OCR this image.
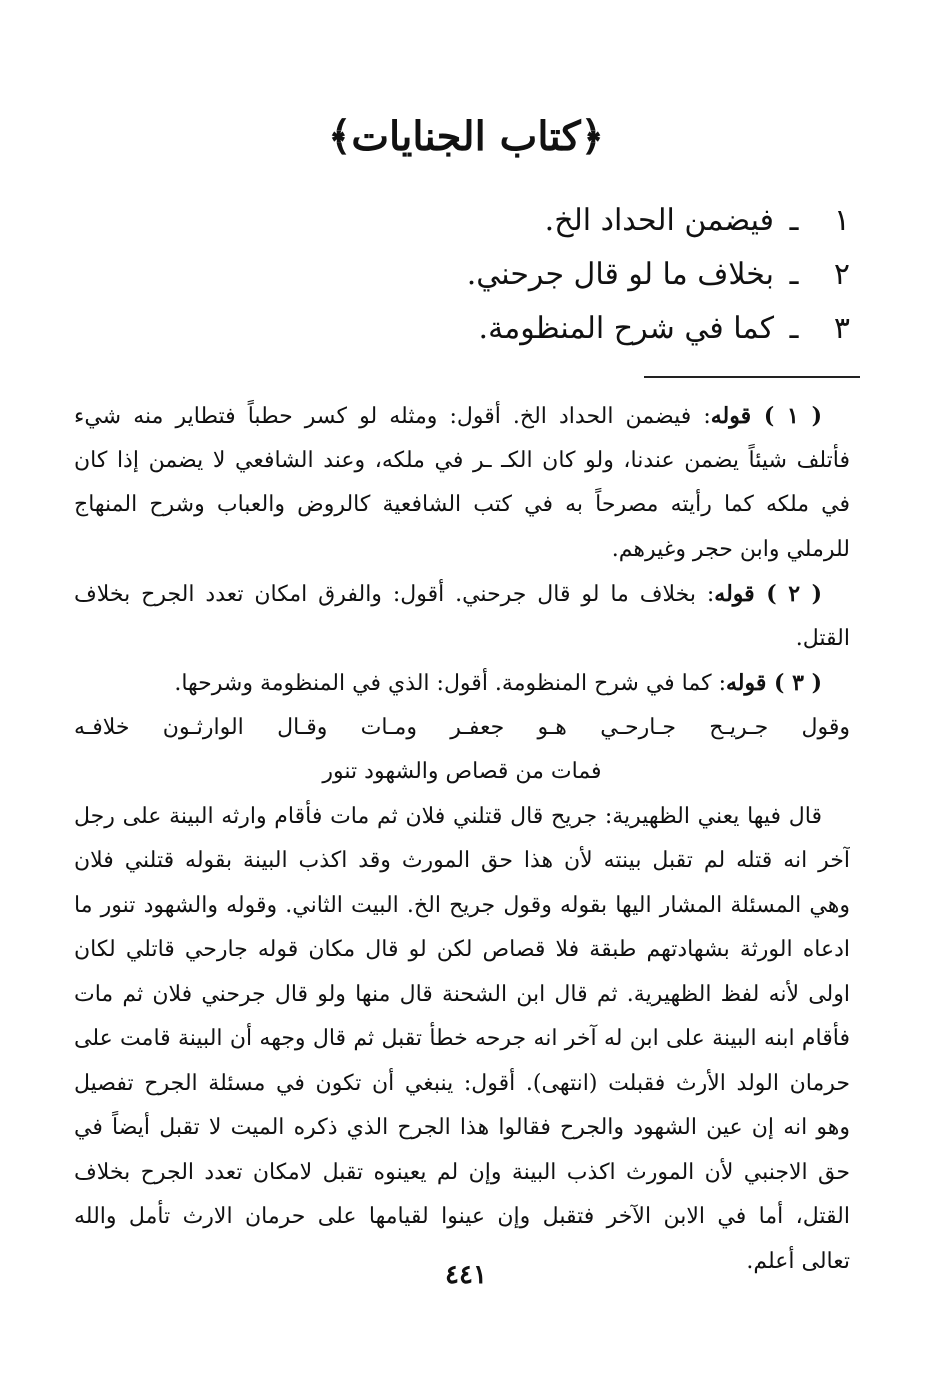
﴿كتاب الجنايات﴾
١ـفيضمن الحداد الخ.
٢ـبخلاف ما لو قال جرحني.
٣ـكما في شرح المنظومة.
( ١ ) قوله: فيضمن الحداد الخ. أقول: ومثله لو كسر حطباً فتطاير منه شيء
فأتلف شيئاً يضمن عندنا، ولو كان الكـ ـر في ملكه، وعند الشافعي لا يضمن إذا كان
في ملكه كما رأيته مصرحاً به في كتب الشافعية كالروض والعباب وشرح المنهاج
للرملي وابن حجر وغيرهم.
( ٢ ) قوله: بخلاف ما لو قال جرحني. أقول: والفرق امكان تعدد الجرح بخلاف
القتل.
( ٣ ) قوله: كما في شرح المنظومة. أقول: الذي في المنظومة وشرحها.
وقول جـريـح جـارحـي هـو جعفـر ومـات وقـال الوارثـون خلافـه
فمات من قصاص والشهود تنور
قال فيها يعني الظهيرية: جريح قال قتلني فلان ثم مات فأقام وارثه البينة على رجل
آخر انه قتله لم تقبل بينته لأن هذا حق المورث وقد اكذب البينة بقوله قتلني فلان
وهي المسئلة المشار اليها بقوله وقول جريح الخ. البيت الثاني. وقوله والشهود تنور ما
ادعاه الورثة بشهادتهم طبقة فلا قصاص لكن لو قال مكان قوله جارحي قاتلي لكان
اولى لأنه لفظ الظهيرية. ثم قال ابن الشحنة قال منها ولو قال جرحني فلان ثم مات
فأقام ابنه البينة على ابن له آخر انه جرحه خطأ تقبل ثم قال وجهه أن البينة قامت على
حرمان الولد الأرث فقبلت (انتهى). أقول: ينبغي أن تكون في مسئلة الجرح تفصيل
وهو انه إن عين الشهود والجرح فقالوا هذا الجرح الذي ذكره الميت لا تقبل أيضاً في
حق الاجنبي لأن المورث اكذب البينة وإن لم يعينوه تقبل لامكان تعدد الجرح بخلاف
القتل، أما في الابن الآخر فتقبل وإن عينوا لقيامها على حرمان الارث تأمل والله
تعالى أعلم.
٤٤١
